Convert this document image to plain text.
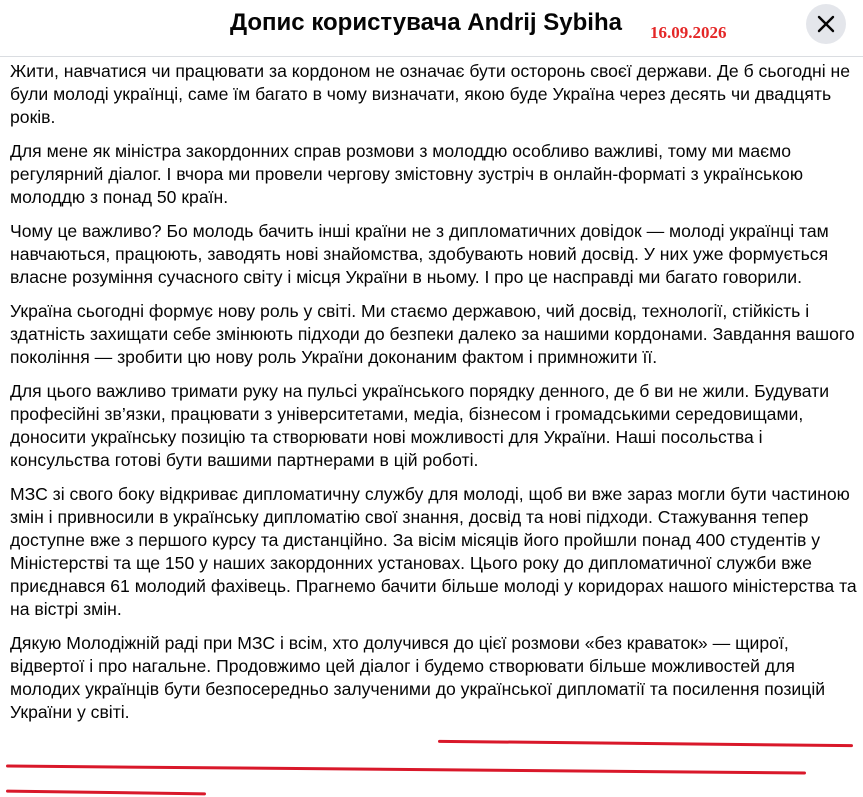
Допис користувача Andrij Sybiha 16.09.2026

Жити, навчатися чи працювати за кордоном не означає бути осторонь своєї держави. Де б сьогодні не були молоді українці, саме їм багато в чому визначати, якою буде Україна через десять чи двадцять років.

Для мене як міністра закордонних справ розмови з молоддю особливо важливі, тому ми маємо регулярний діалог. І вчора ми провели чергову змістовну зустріч в онлайн-форматі з українською молоддю з понад 50 країн.

Чому це важливо? Бо молодь бачить інші країни не з дипломатичних довідок — молоді українці там навчаються, працюють, заводять нові знайомства, здобувають новий досвід. У них уже формується власне розуміння сучасного світу і місця України в ньому. І про це насправді ми багато говорили.

Україна сьогодні формує нову роль у світі. Ми стаємо державою, чий досвід, технології, стійкість і здатність захищати себе змінюють підходи до безпеки далеко за нашими кордонами. Завдання вашого покоління — зробити цю нову роль України доконаним фактом і примножити її.

Для цього важливо тримати руку на пульсі українського порядку денного, де б ви не жили. Будувати професійні зв’язки, працювати з університетами, медіа, бізнесом і громадськими середовищами, доносити українську позицію та створювати нові можливості для України. Наші посольства і консульства готові бути вашими партнерами в цій роботі.

МЗС зі свого боку відкриває дипломатичну службу для молоді, щоб ви вже зараз могли бути частиною змін і привносили в українську дипломатію свої знання, досвід та нові підходи. Стажування тепер доступне вже з першого курсу та дистанційно. За вісім місяців його пройшли понад 400 студентів у Міністерстві та ще 150 у наших закордонних установах. Цього року до дипломатичної служби вже приєднався 61 молодий фахівець. Прагнемо бачити більше молоді у коридорах нашого міністерства та на вістрі змін.

Дякую Молодіжній раді при МЗС і всім, хто долучився до цієї розмови «без краваток» — щирої, відвертої і про нагальне. Продовжимо цей діалог і будемо створювати більше можливостей для молодих українців бути безпосередньо залученими до української дипломатії та посилення позицій України у світі.
